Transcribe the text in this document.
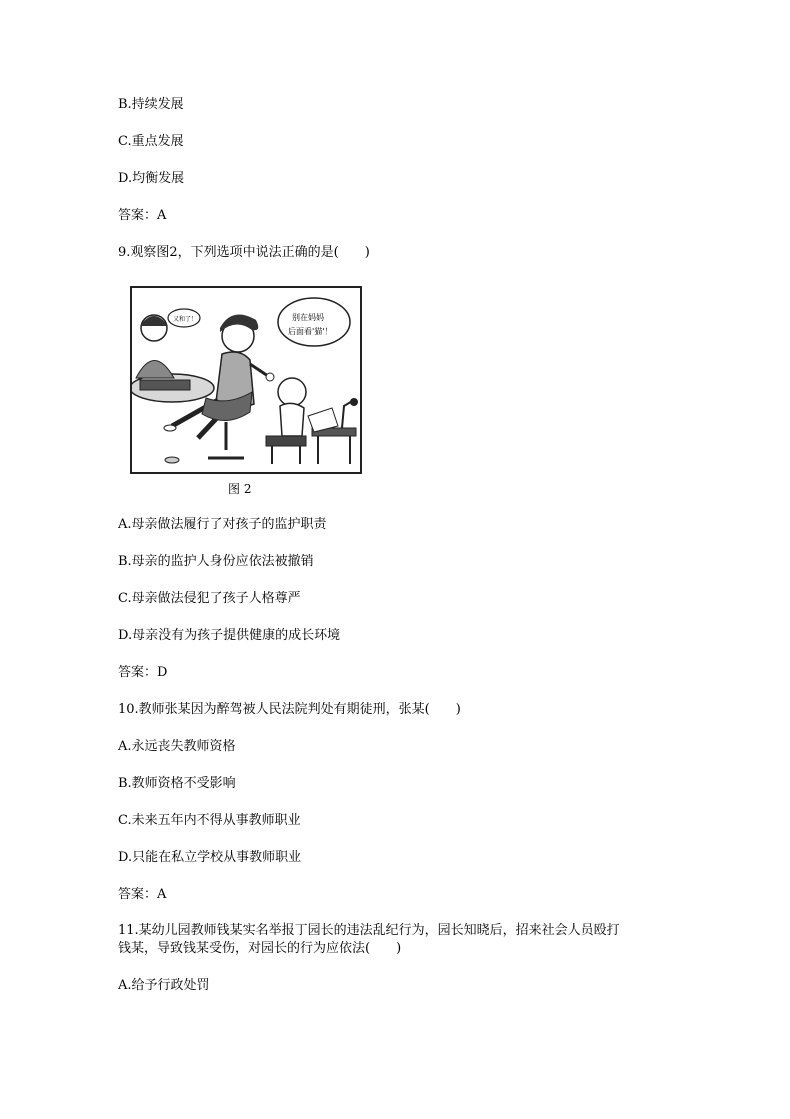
B.持续发展
C.重点发展
D.均衡发展
答案：A
9.观察图2，下列选项中说法正确的是(　　)
又和了！	别在妈妈
后面看'猫'！
图 2
A.母亲做法履行了对孩子的监护职责
B.母亲的监护人身份应依法被撤销
C.母亲做法侵犯了孩子人格尊严
D.母亲没有为孩子提供健康的成长环境
答案：D
10.教师张某因为醉驾被人民法院判处有期徒刑，张某(　　)
A.永远丧失教师资格
B.教师资格不受影响
C.未来五年内不得从事教师职业
D.只能在私立学校从事教师职业
答案：A
11.某幼儿园教师钱某实名举报丁园长的违法乱纪行为，园长知晓后，招来社会人员殴打
钱某，导致钱某受伤，对园长的行为应依法(　　)
A.给予行政处罚
